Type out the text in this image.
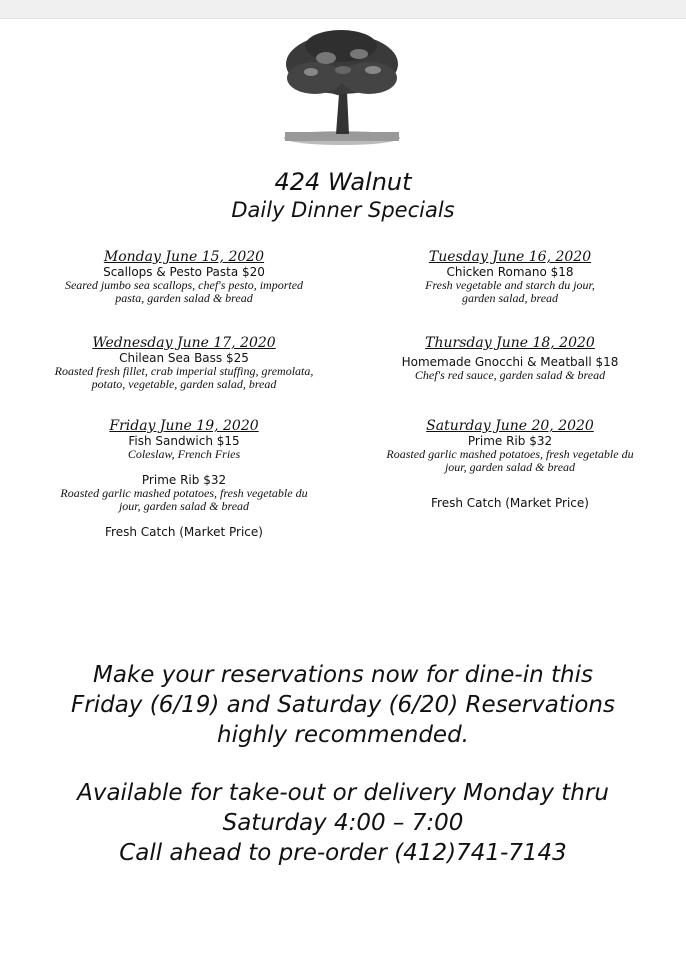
424 Walnut
Daily Dinner Specials
Monday June 15, 2020
Scallops & Pesto Pasta $20
Seared jumbo sea scallops, chef's pesto, imported
pasta, garden salad & bread
Tuesday June 16, 2020
Chicken Romano $18
Fresh vegetable and starch du jour,
garden salad, bread
Wednesday June 17, 2020
Chilean Sea Bass $25
Roasted fresh fillet, crab imperial stuffing, gremolata,
potato, vegetable, garden salad, bread
Thursday June 18, 2020
Homemade Gnocchi & Meatball $18
Chef's red sauce, garden salad & bread
Friday June 19, 2020
Fish Sandwich $15
Coleslaw, French Fries
Prime Rib $32
Roasted garlic mashed potatoes, fresh vegetable du
jour, garden salad & bread
Fresh Catch (Market Price)
Saturday June 20, 2020
Prime Rib $32
Roasted garlic mashed potatoes, fresh vegetable du
jour, garden salad & bread
Fresh Catch (Market Price)
Make your reservations now for dine-in this
Friday (6/19) and Saturday (6/20) Reservations
highly recommended.
Available for take-out or delivery Monday thru
Saturday 4:00 – 7:00
Call ahead to pre-order (412)741-7143
